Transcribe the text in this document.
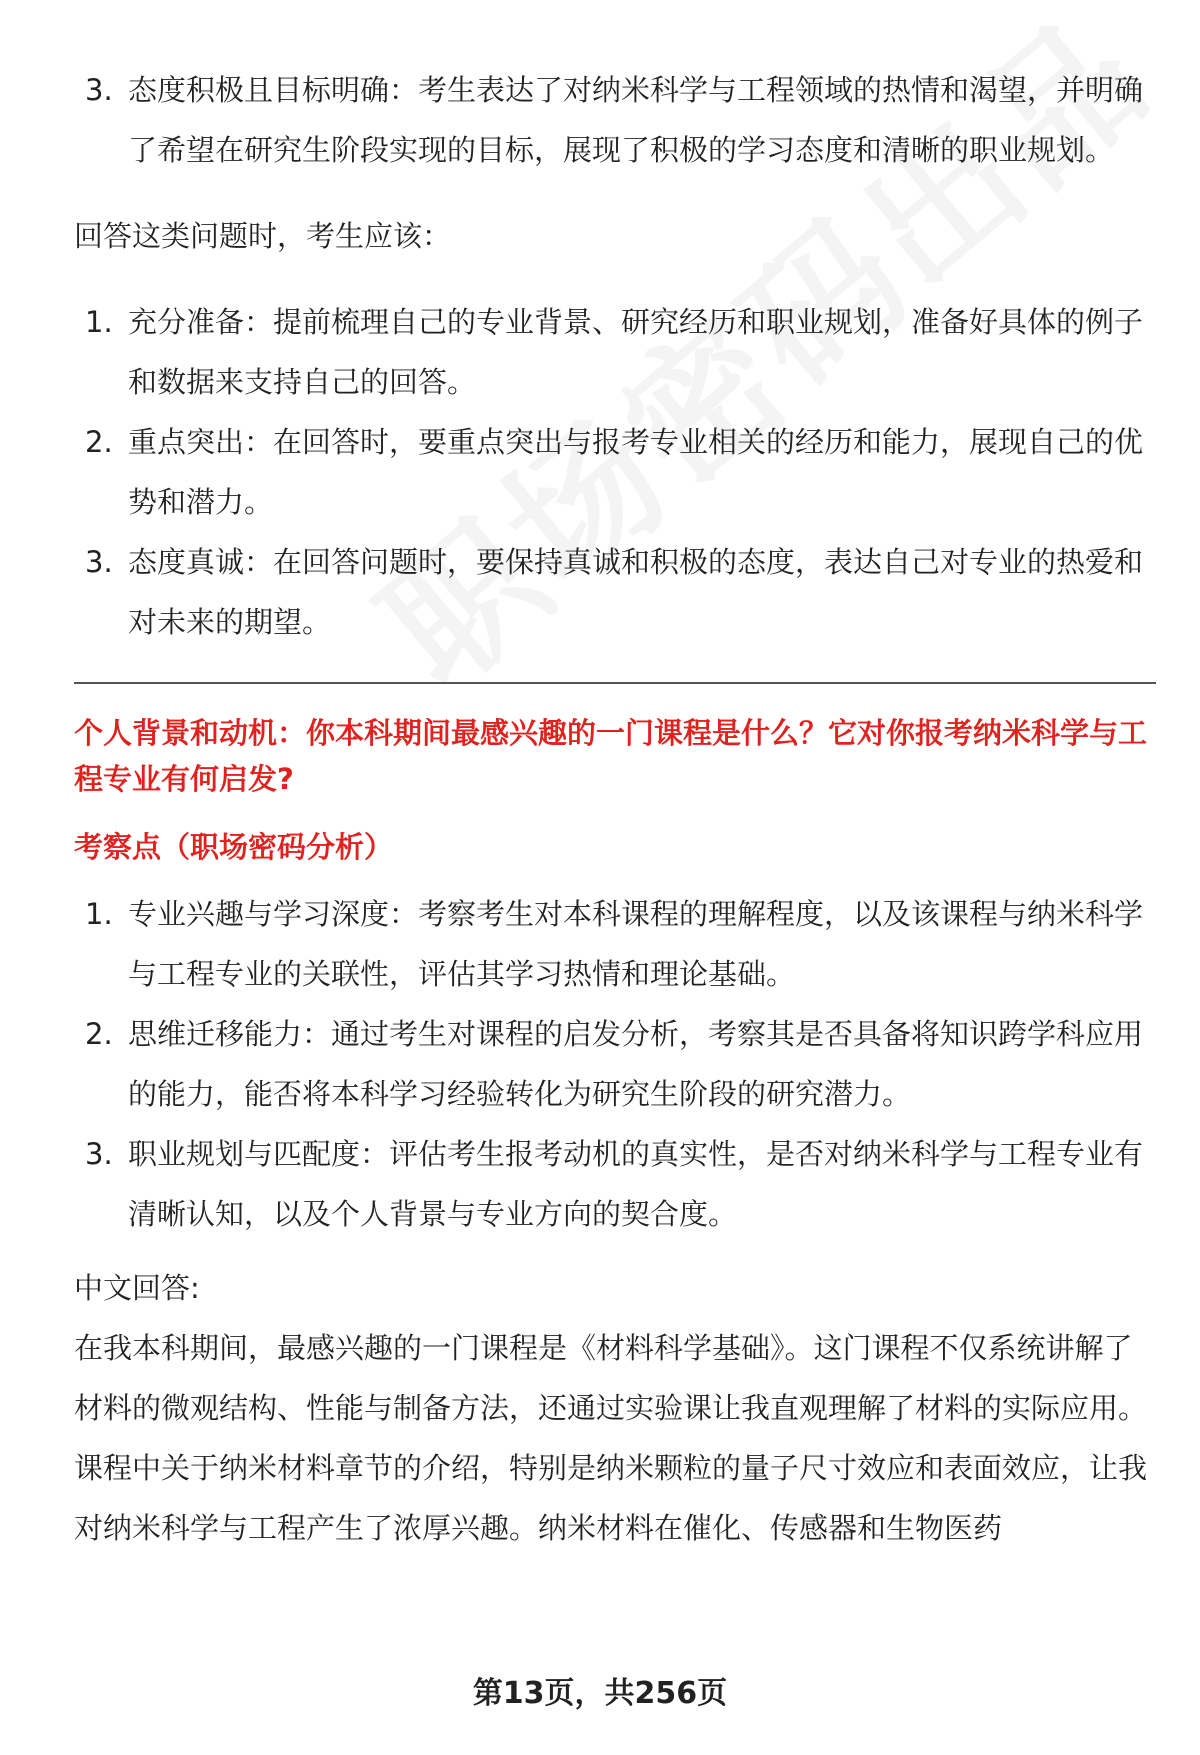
3. 态度积极且目标明确：考生表达了对纳米科学与工程领域的热情和渴望，并明确了希望在研究生阶段实现的目标，展现了积极的学习态度和清晰的职业规划。

回答这类问题时，考生应该：

1. 充分准备：提前梳理自己的专业背景、研究经历和职业规划，准备好具体的例子和数据来支持自己的回答。
2. 重点突出：在回答时，要重点突出与报考专业相关的经历和能力，展现自己的优势和潜力。
3. 态度真诚：在回答问题时，要保持真诚和积极的态度，表达自己对专业的热爱和对未来的期望。

个人背景和动机：你本科期间最感兴趣的一门课程是什么？它对你报考纳米科学与工程专业有何启发?

考察点（职场密码分析）

1. 专业兴趣与学习深度：考察考生对本科课程的理解程度，以及该课程与纳米科学与工程专业的关联性，评估其学习热情和理论基础。
2. 思维迁移能力：通过考生对课程的启发分析，考察其是否具备将知识跨学科应用的能力，能否将本科学习经验转化为研究生阶段的研究潜力。
3. 职业规划与匹配度：评估考生报考动机的真实性，是否对纳米科学与工程专业有清晰认知，以及个人背景与专业方向的契合度。

中文回答:

在我本科期间，最感兴趣的一门课程是《材料科学基础》。这门课程不仅系统讲解了材料的微观结构、性能与制备方法，还通过实验课让我直观理解了材料的实际应用。课程中关于纳米材料章节的介绍，特别是纳米颗粒的量子尺寸效应和表面效应，让我对纳米科学与工程产生了浓厚兴趣。纳米材料在催化、传感器和生物医药

第13页，共256页
